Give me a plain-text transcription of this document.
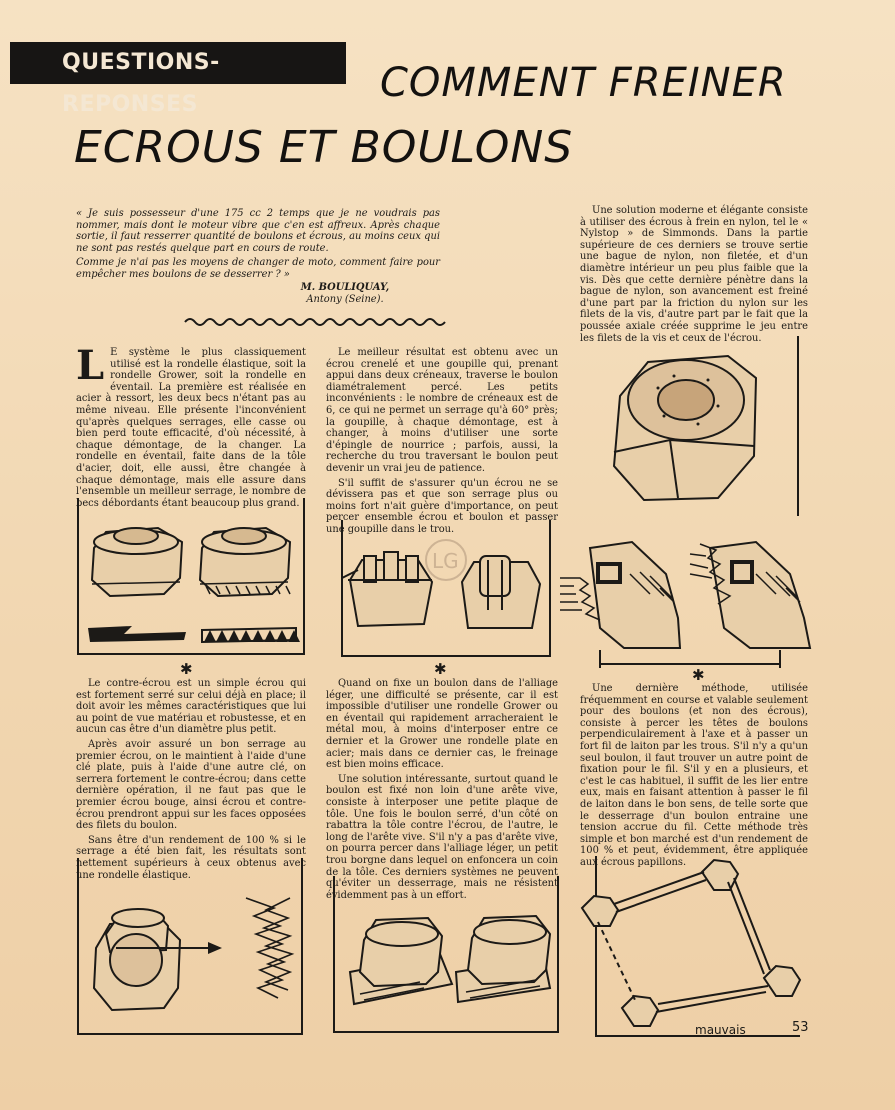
QUESTIONS-REPONSES	COMMENT FREINER
ECROUS ET BOULONS

« Je suis possesseur d'une 175 cc 2 temps que je ne voudrais pas nommer, mais dont le moteur vibre que c'en est affreux. Après chaque sortie, il faut resserrer quantité de boulons et écrous, au moins ceux qui ne sont pas restés quelque part en cours de route.

Comme je n'ai pas les moyens de changer de moto, comment faire pour empêcher mes boulons de se desserrer ? »

M. BOULIQUAY,
Antony (Seine).
L E système le plus classiquement utilisé est la rondelle élastique, soit la rondelle Grower, soit la rondelle en éventail. La première est réalisée en acier à ressort, les deux becs n'étant pas au même niveau. Elle présente l'inconvénient qu'après quelques serrages, elle casse ou bien perd toute efficacité, d'où nécessité, à chaque démontage, de la changer. La rondelle en éventail, faite dans de la tôle d'acier, doit, elle aussi, être changée à chaque démontage, mais elle assure dans l'ensemble un meilleur serrage, le nombre de becs débordants étant beaucoup plus grand.

Le meilleur résultat est obtenu avec un écrou crenelé et une goupille qui, prenant appui dans deux créneaux, traverse le boulon diamétralement percé. Les petits inconvénients : le nombre de créneaux est de 6, ce qui ne permet un serrage qu'à 60° près; la goupille, à chaque démontage, est à changer, à moins d'utiliser une sorte d'épingle de nourrice ; parfois, aussi, la recherche du trou traversant le boulon peut devenir un vrai jeu de patience.

S'il suffit de s'assurer qu'un écrou ne se dévissera pas et que son serrage plus ou moins fort n'ait guère d'importance, on peut percer ensemble écrou et boulon et passer une goupille dans le trou.

Une solution moderne et élégante consiste à utiliser des écrous à frein en nylon, tel le « Nylstop » de Simmonds. Dans la partie supérieure de ces derniers se trouve sertie une bague de nylon, non filetée, et d'un diamètre intérieur un peu plus faible que la vis. Dès que cette dernière pénètre dans la bague de nylon, son avancement est freiné d'une part par la friction du nylon sur les filets de la vis, d'autre part par le fait que la poussée axiale créée supprime le jeu entre les filets de la vis et ceux de l'écrou.

LG
✱	✱	✱

Le contre-écrou est un simple écrou qui est fortement serré sur celui déjà en place; il doit avoir les mêmes caractéristiques que lui au point de vue matériau et robustesse, et en aucun cas être d'un diamètre plus petit.

Après avoir assuré un bon serrage au premier écrou, on le maintient à l'aide d'une clé plate, puis à l'aide d'une autre clé, on serrera fortement le contre-écrou; dans cette dernière opération, il ne faut pas que le premier écrou bouge, ainsi écrou et contre-écrou prendront appui sur les faces opposées des filets du boulon.

Sans être d'un rendement de 100 % si le serrage a été bien fait, les résultats sont nettement supérieurs à ceux obtenus avec une rondelle élastique.

Quand on fixe un boulon dans de l'alliage léger, une difficulté se présente, car il est impossible d'utiliser une rondelle Grower ou en éventail qui rapidement arracheraient le métal mou, à moins d'interposer entre ce dernier et la Grower une rondelle plate en acier; mais dans ce dernier cas, le freinage est bien moins efficace.

Une solution intéressante, surtout quand le boulon est fixé non loin d'une arête vive, consiste à interposer une petite plaque de tôle. Une fois le boulon serré, d'un côté on rabattra la tôle contre l'écrou, de l'autre, le long de l'arête vive. S'il n'y a pas d'arête vive, on pourra percer dans l'alliage léger, un petit trou borgne dans lequel on enfoncera un coin de la tôle. Ces derniers systèmes ne peuvent qu'éviter un desserrage, mais ne résistent évidemment pas à un effort.

Une dernière méthode, utilisée fréquemment en course et valable seulement pour des boulons (et non des écrous), consiste à percer les têtes de boulons perpendiculairement à l'axe et à passer un fort fil de laiton par les trous. S'il n'y a qu'un seul boulon, il faut trouver un autre point de fixation pour le fil. S'il y en a plusieurs, et c'est le cas habituel, il suffit de les lier entre eux, mais en faisant attention à passer le fil de laiton dans le bon sens, de telle sorte que le desserrage d'un boulon entraine une tension accrue du fil. Cette méthode très simple et bon marché est d'un rendement de 100 % et peut, évidemment, être appliquée aux écrous papillons.

mauvais	53
